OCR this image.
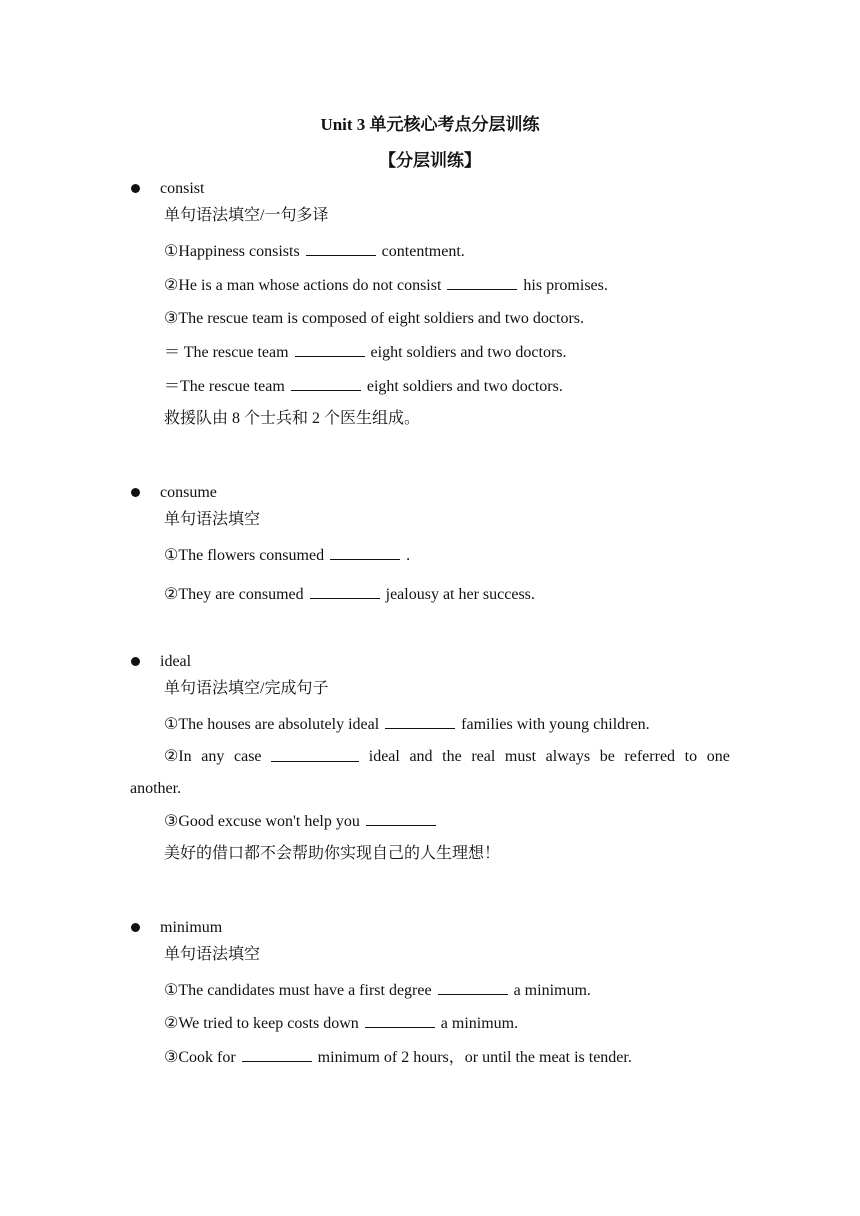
Unit 3 单元核心考点分层训练
【分层训练】
consist
单句语法填空/一句多译
①Happiness consists	contentment.
②He is a man whose actions do not consist	his promises.
③The rescue team is composed of eight soldiers and two doctors.
＝ The rescue team	eight soldiers and two doctors.
＝The rescue team	eight soldiers and two doctors.
救援队由 8 个士兵和 2 个医生组成。
consume
单句语法填空
①The flowers consumed	.
②They are consumed	jealousy at her success.
ideal
单句语法填空/完成句子
①The houses are absolutely ideal	families with young children.
②In any case	ideal and the real must always be referred to one
another.
③Good excuse won't help you
美好的借口都不会帮助你实现自己的人生理想！
minimum
单句语法填空
①The candidates must have a first degree	a minimum.
②We tried to keep costs down	a minimum.
③Cook for	minimum of 2 hours，or until the meat is tender.
